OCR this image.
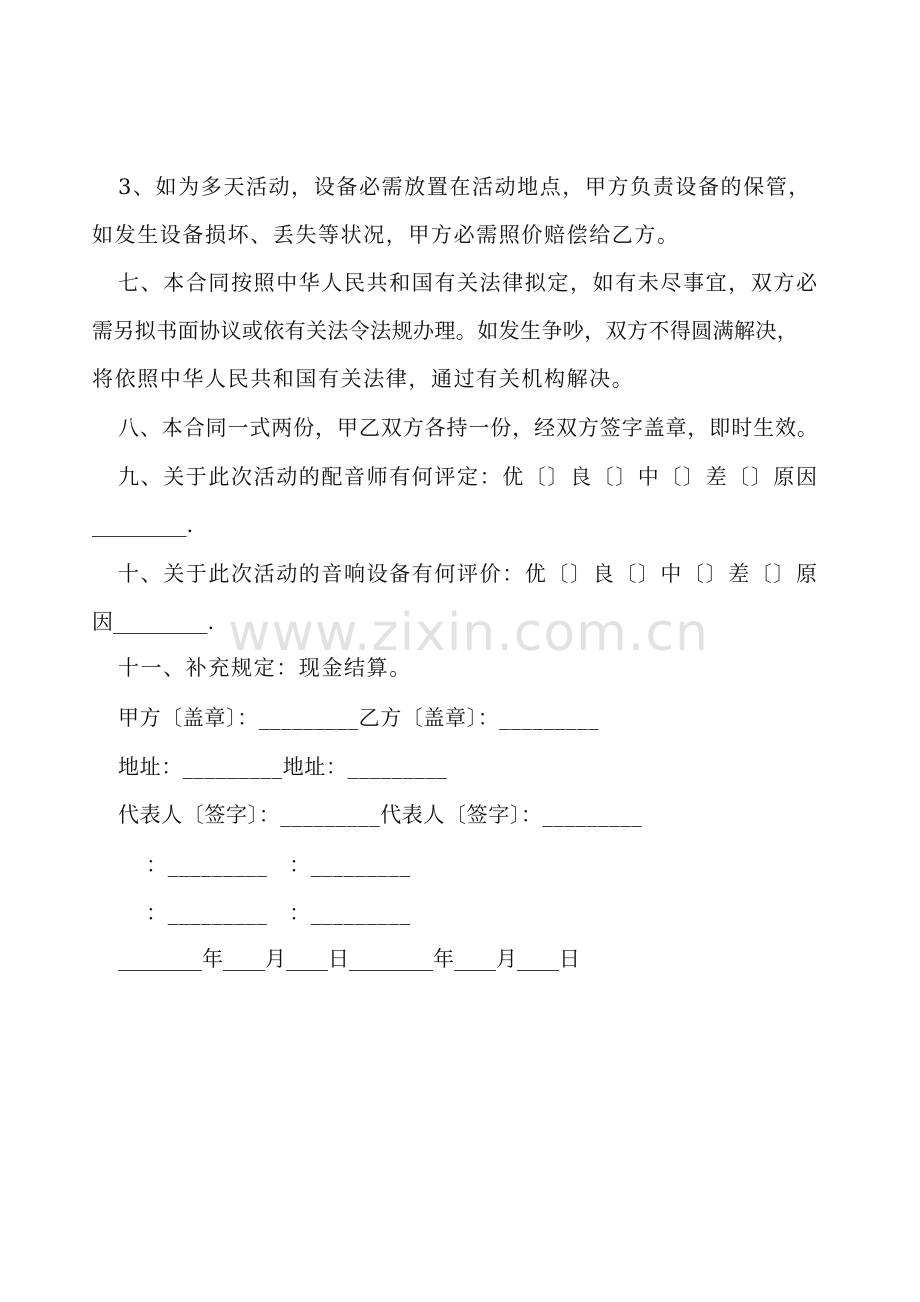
3、如为多天活动，设备必需放置在活动地点，甲方负责设备的保管，
如发生设备损坏、丢失等状况，甲方必需照价赔偿给乙方。
七、本合同按照中华人民共和国有关法律拟定，如有未尽事宜，双方必
需另拟书面协议或依有关法令法规办理。如发生争吵，双方不得圆满解决，
将依照中华人民共和国有关法律，通过有关机构解决。
八、本合同一式两份，甲乙双方各持一份，经双方签字盖章，即时生效。
九、关于此次活动的配音师有何评定：优〔〕良〔〕中〔〕差〔〕原因
_________.
十、关于此次活动的音响设备有何评价：优〔〕良〔〕中〔〕差〔〕原
因_________.
十一、补充规定：现金结算。
甲方〔盖章〕：_________乙方〔盖章〕：_________
地址：_________地址：_________
代表人〔签字〕：_________代表人〔签字〕：_________
：_________　：_________
：_________　：_________
________年____月____日________年____月____日
www.zixin.com.cn
